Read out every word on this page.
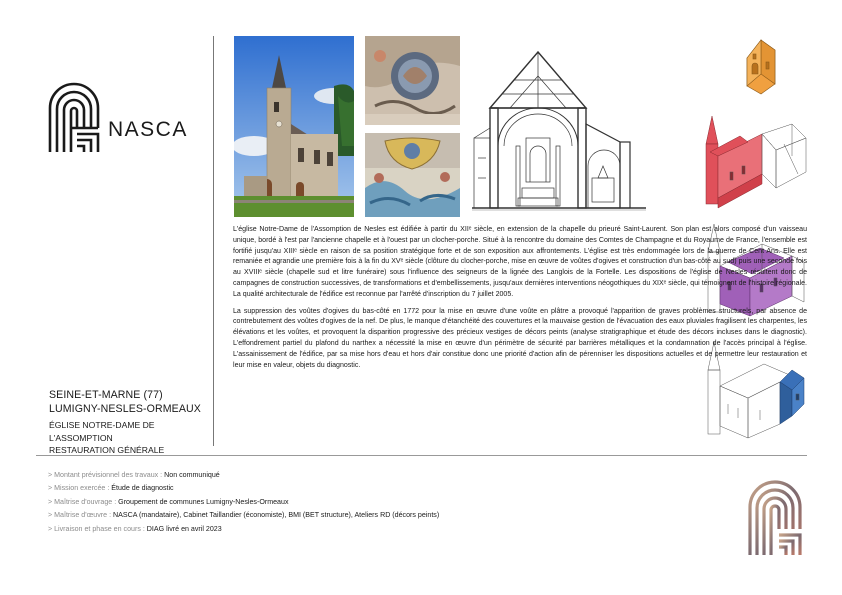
NASCA
SEINE-ET-MARNE (77)
LUMIGNY-NESLES-ORMEAUX
ÉGLISE NOTRE-DAME DE L'ASSOMPTION
RESTAURATION GÉNÉRALE

L'église Notre-Dame de l'Assomption de Nesles est édifiée à partir du XIIᵉ siècle, en extension de la chapelle du prieuré Saint-Laurent. Son plan est alors composé d'un vaisseau unique, bordé à l'est par l'ancienne chapelle et à l'ouest par un clocher-porche. Situé à la rencontre du domaine des Comtes de Champagne et du Royaume de France, l'ensemble est fortifié jusqu'au XIIIᵉ siècle en raison de sa position stratégique forte et de son exposition aux affrontements. L'église est très endommagée lors de la guerre de Cent Ans. Elle est remaniée et agrandie une première fois à la fin du XVᵉ siècle (clôture du clocher-porche, mise en œuvre de voûtes d'ogives et construction d'un bas-côté au sud) puis une seconde fois au XVIIIᵉ siècle (chapelle sud et litre funéraire) sous l'influence des seigneurs de la lignée des Langlois de la Fortelle. Les dispositions de l'église de Nesles résultent donc de campagnes de construction successives, de transformations et d'embellissements, jusqu'aux dernières interventions néogothiques du XIXᵉ siècle, qui témoignent de l'histoire régionale. La qualité architecturale de l'édifice est reconnue par l'arrêté d'inscription du 7 juillet 2005.

La suppression des voûtes d'ogives du bas-côté en 1772 pour la mise en œuvre d'une voûte en plâtre a provoqué l'apparition de graves problèmes structurels, par absence de contrebutement des voûtes d'ogives de la nef. De plus, le manque d'étanchéité des couvertures et la mauvaise gestion de l'évacuation des eaux pluviales fragilisent les charpentes, les élévations et les voûtes, et provoquent la disparition progressive des précieux vestiges de décors peints (analyse stratigraphique et étude des décors incluses dans le diagnostic). L'effondrement partiel du plafond du narthex a nécessité la mise en œuvre d'un périmètre de sécurité par barrières métalliques et la condamnation de l'accès principal à l'église. L'assainissement de l'édifice, par sa mise hors d'eau et hors d'air constitue donc une priorité d'action afin de pérenniser les dispositions actuelles et de permettre leur restauration et leur mise en valeur, objets du diagnostic.

> Montant prévisionnel des travaux : Non communiqué
> Mission exercée : Étude de diagnostic
> Maîtrise d'ouvrage : Groupement de communes Lumigny-Nesles-Ormeaux
> Maîtrise d'œuvre : NASCA (mandataire), Cabinet Taillandier (économiste), BMI (BET structure), Ateliers RD (décors peints)
> Livraison et phase en cours : DIAG livré en avril 2023
